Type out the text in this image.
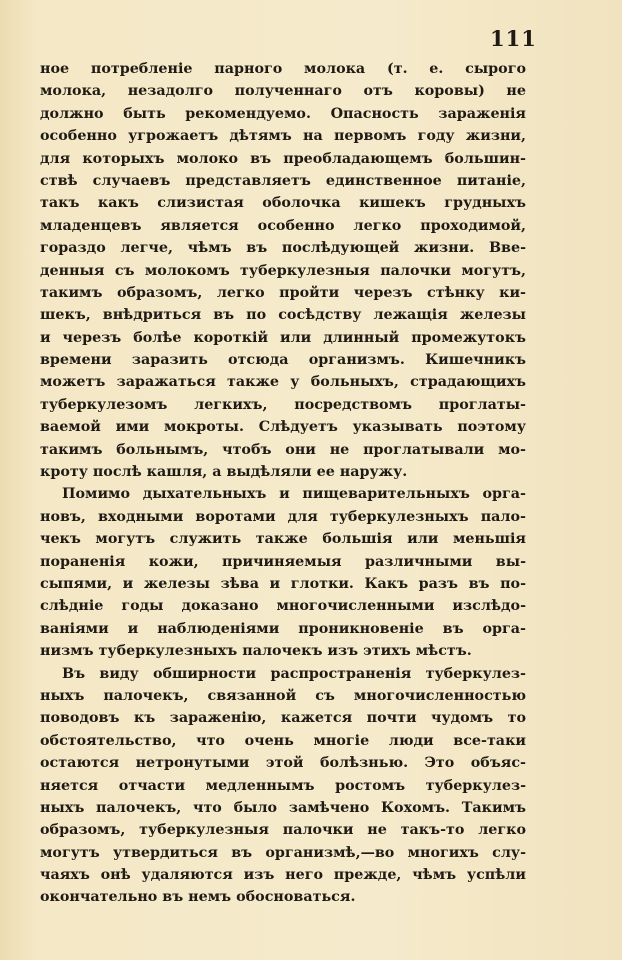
111
ное потребленіе парного молока (т. е. сырого
молока, незадолго полученнаго отъ коровы) не
должно быть рекомендуемо. Опасность зараженія
особенно угрожаетъ дѣтямъ на первомъ году жизни,
для которыхъ молоко въ преобладающемъ большин-
ствѣ случаевъ представляетъ единственное питаніе,
такъ какъ слизистая оболочка кишекъ грудныхъ
младенцевъ является особенно легко проходимой,
гораздо легче, чѣмъ въ послѣдующей жизни. Вве-
денныя съ молокомъ туберкулезныя палочки могутъ,
такимъ образомъ, легко пройти черезъ стѣнку ки-
шекъ, внѣдриться въ по сосѣдству лежащія железы
и черезъ болѣе короткій или длинный промежутокъ
времени заразить отсюда организмъ. Кишечникъ
можетъ заражаться также у больныхъ, страдающихъ
туберкулезомъ легкихъ, посредствомъ проглаты-
ваемой ими мокроты. Слѣдуетъ указывать поэтому
такимъ больнымъ, чтобъ они не проглатывали мо-
кроту послѣ кашля, а выдѣляли ее наружу.
Помимо дыхательныхъ и пищеварительныхъ орга-
новъ, входными воротами для туберкулезныхъ пало-
чекъ могутъ служить также большія или меньшія
пораненія кожи, причиняемыя различными вы-
сыпями, и железы зѣва и глотки. Какъ разъ въ по-
слѣдніе годы доказано многочисленными изслѣдо-
ваніями и наблюденіями проникновеніе въ орга-
низмъ туберкулезныхъ палочекъ изъ этихъ мѣстъ.
Въ виду обширности распространенія туберкулез-
ныхъ палочекъ, связанной съ многочисленностью
поводовъ къ зараженію, кажется почти чудомъ то
обстоятельство, что очень многіе люди все-таки
остаются нетронутыми этой болѣзнью. Это объяс-
няется отчасти медленнымъ ростомъ туберкулез-
ныхъ палочекъ, что было замѣчено Кохомъ. Такимъ
образомъ, туберкулезныя палочки не такъ-то легко
могутъ утвердиться въ организмѣ,—во многихъ слу-
чаяхъ онѣ удаляются изъ него прежде, чѣмъ успѣли
окончательно въ немъ обосноваться.
